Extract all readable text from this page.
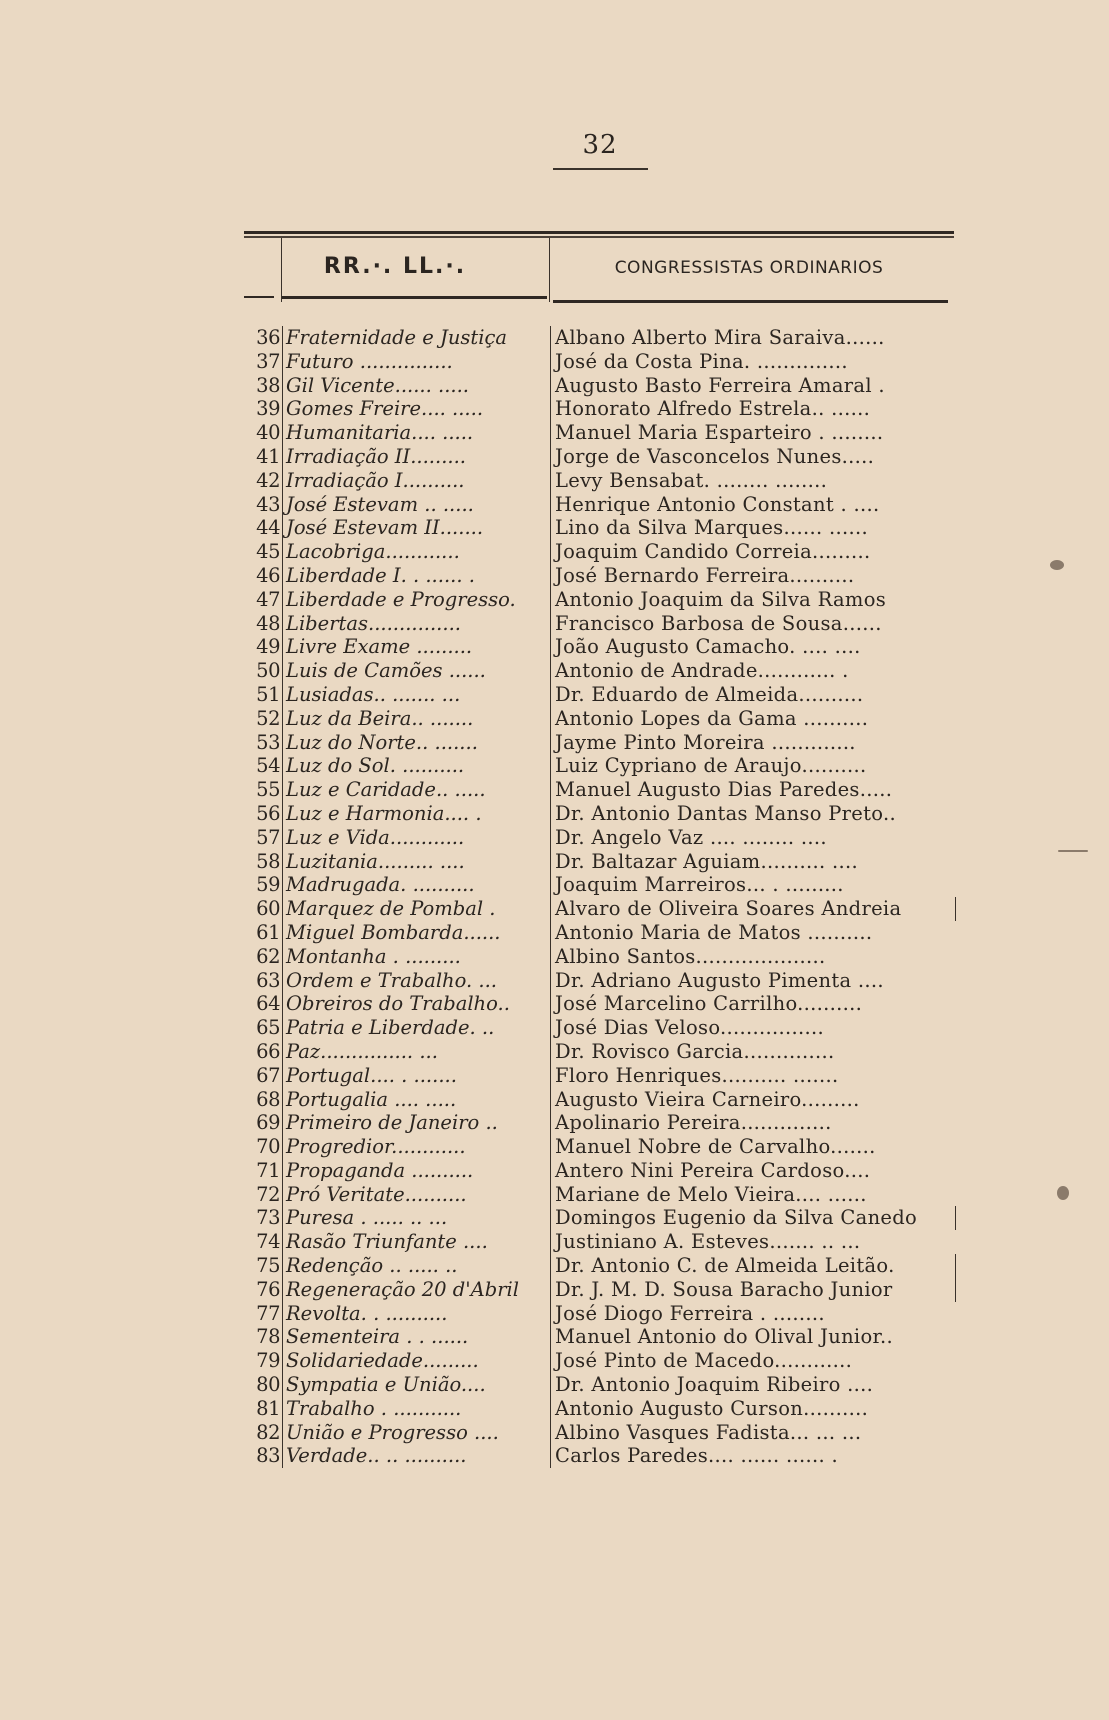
32
RR.·. LL.·.	CONGRESSISTAS ORDINARIOS
36 Fraternidade e Justiça	Albano Alberto Mira Saraiva......
37 Futuro ...............	José da Costa Pina. ..............
38 Gil Vicente...... .....	Augusto Basto Ferreira Amaral .
39 Gomes Freire.... .....	Honorato Alfredo Estrela.. ......
40 Humanitaria.... .....	Manuel Maria Esparteiro . ........
41 Irradiação II.........	Jorge de Vasconcelos Nunes.....
42 Irradiação I..........	Levy Bensabat. ........ ........
43 José Estevam .. .....	Henrique Antonio Constant . ....
44 José Estevam II.......	Lino da Silva Marques...... ......
45 Lacobriga............	Joaquim Candido Correia.........
46 Liberdade I. . ...... .	José Bernardo Ferreira..........
47 Liberdade e Progresso.	Antonio Joaquim da Silva Ramos
48 Libertas...............	Francisco Barbosa de Sousa......
49 Livre Exame .........	João Augusto Camacho. .... ....
50 Luis de Camões ......	Antonio de Andrade............ .
51 Lusiadas.. ....... ...	Dr. Eduardo de Almeida..........
52 Luz da Beira.. .......	Antonio Lopes da Gama ..........
53 Luz do Norte.. .......	Jayme Pinto Moreira .............
54 Luz do Sol. ..........	Luiz Cypriano de Araujo..........
55 Luz e Caridade.. .....	Manuel Augusto Dias Paredes.....
56 Luz e Harmonia.... .	Dr. Antonio Dantas Manso Preto..
57 Luz e Vida............	Dr. Angelo Vaz .... ........ ....
58 Luzitania......... ....	Dr. Baltazar Aguiam.......... ....
59 Madrugada. ..........	Joaquim Marreiros... . .........
60 Marquez de Pombal .	Alvaro de Oliveira Soares Andreia
61 Miguel Bombarda......	Antonio Maria de Matos ..........
62 Montanha . .........	Albino Santos....................
63 Ordem e Trabalho. ...	Dr. Adriano Augusto Pimenta ....
64 Obreiros do Trabalho..	José Marcelino Carrilho..........
65 Patria e Liberdade. ..	José Dias Veloso................
66 Paz............... ...	Dr. Rovisco Garcia..............
67 Portugal.... . .......	Floro Henriques.......... .......
68 Portugalia .... .....	Augusto Vieira Carneiro.........
69 Primeiro de Janeiro ..	Apolinario Pereira..............
70 Progredior............	Manuel Nobre de Carvalho.......
71 Propaganda ..........	Antero Nini Pereira Cardoso....
72 Pró Veritate..........	Mariane de Melo Vieira.... ......
73 Puresa . ..... .. ...	Domingos Eugenio da Silva Canedo
74 Rasão Triunfante ....	Justiniano A. Esteves....... .. ...
75 Redenção .. ..... ..	Dr. Antonio C. de Almeida Leitão.
76 Regeneração 20 d'Abril	Dr. J. M. D. Sousa Baracho Junior
77 Revolta. . ..........	José Diogo Ferreira . ........
78 Sementeira . . ......	Manuel Antonio do Olival Junior..
79 Solidariedade.........	José Pinto de Macedo............
80 Sympatia e União....	Dr. Antonio Joaquim Ribeiro ....
81 Trabalho . ...........	Antonio Augusto Curson..........
82 União e Progresso ....	Albino Vasques Fadista... ... ...
83 Verdade.. .. ..........	Carlos Paredes.... ...... ...... .
